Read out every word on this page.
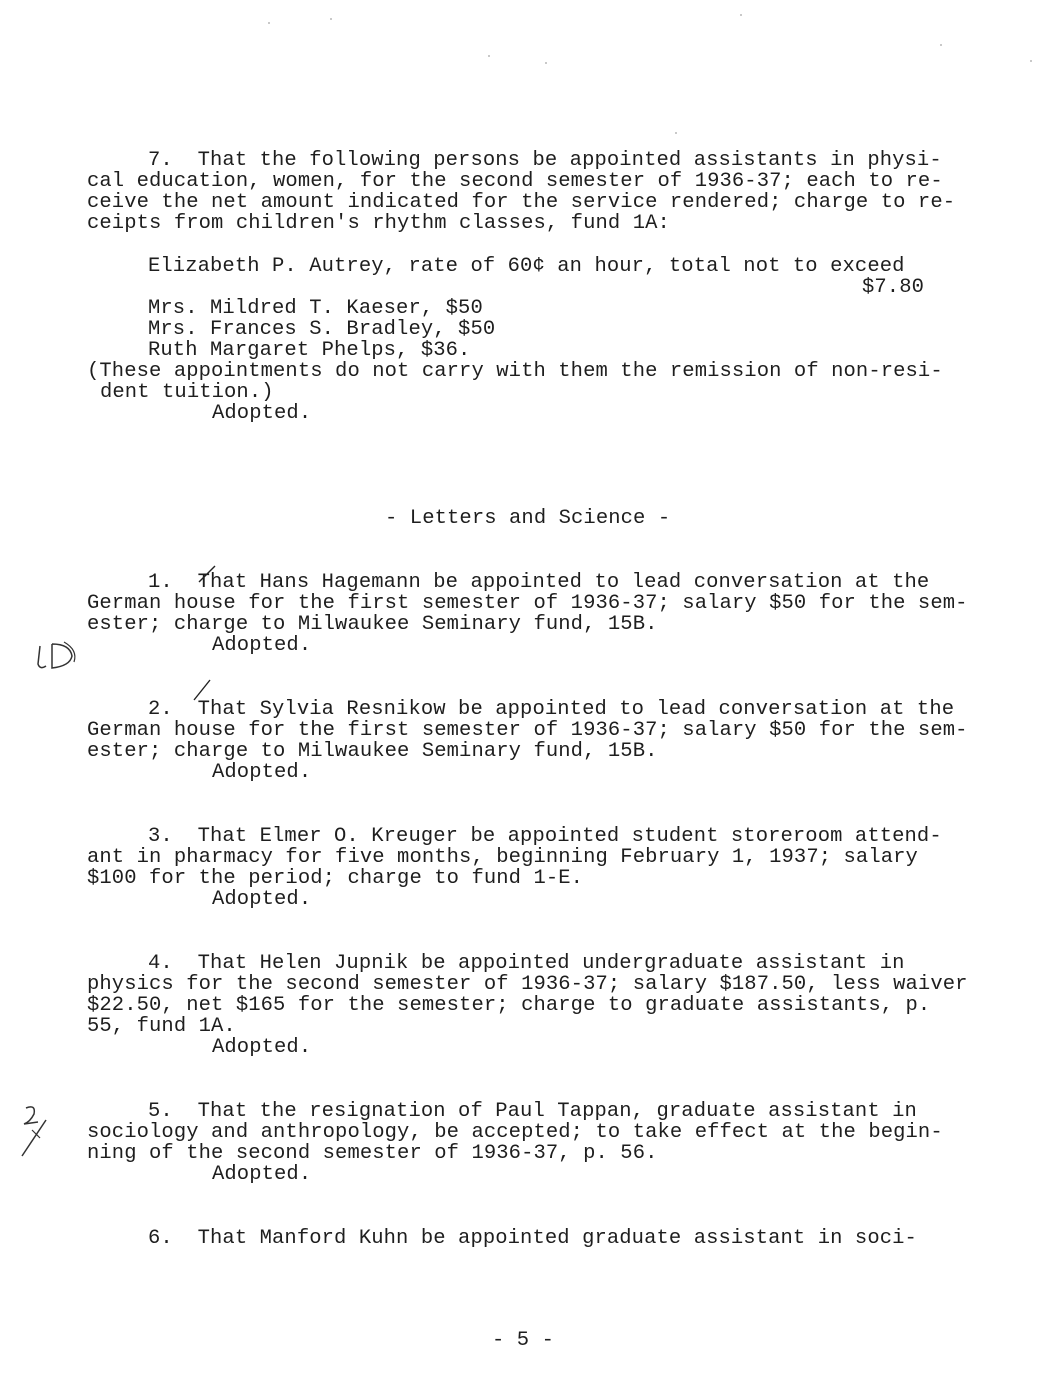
7.  That the following persons be appointed assistants in physi-
cal education, women, for the second semester of 1936-37; each to re-
ceive the net amount indicated for the service rendered; charge to re-
ceipts from children's rhythm classes, fund 1A:
Elizabeth P. Autrey, rate of 60¢ an hour, total not to exceed
$7.80
Mrs. Mildred T. Kaeser, $50
Mrs. Frances S. Bradley, $50
Ruth Margaret Phelps, $36.
(These appointments do not carry with them the remission of non-resi-
dent tuition.)
Adopted.
- Letters and Science -
1.  That Hans Hagemann be appointed to lead conversation at the
German house for the first semester of 1936-37; salary $50 for the sem-
ester; charge to Milwaukee Seminary fund, 15B.
Adopted.
2.  That Sylvia Resnikow be appointed to lead conversation at the
German house for the first semester of 1936-37; salary $50 for the sem-
ester; charge to Milwaukee Seminary fund, 15B.
Adopted.
3.  That Elmer O. Kreuger be appointed student storeroom attend-
ant in pharmacy for five months, beginning February 1, 1937; salary
$100 for the period; charge to fund 1-E.
Adopted.
4.  That Helen Jupnik be appointed undergraduate assistant in
physics for the second semester of 1936-37; salary $187.50, less waiver
$22.50, net $165 for the semester; charge to graduate assistants, p.
55, fund 1A.
Adopted.
5.  That the resignation of Paul Tappan, graduate assistant in
sociology and anthropology, be accepted; to take effect at the begin-
ning of the second semester of 1936-37, p. 56.
Adopted.
6.  That Manford Kuhn be appointed graduate assistant in soci-
- 5 -
